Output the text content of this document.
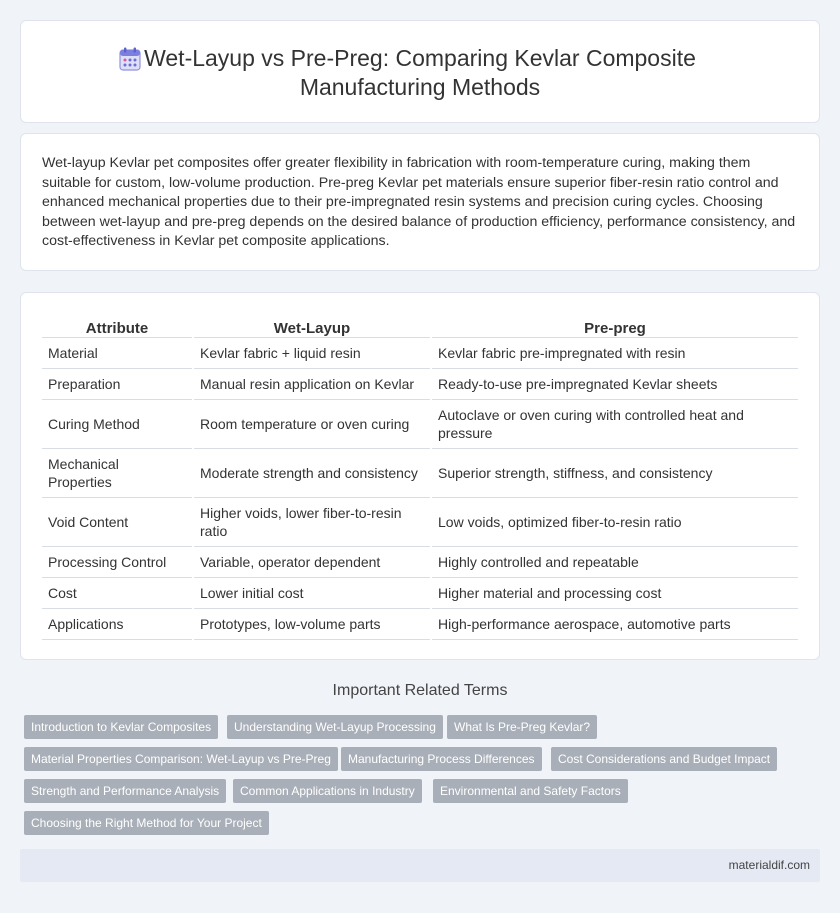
Wet-Layup vs Pre-Preg: Comparing Kevlar Composite Manufacturing Methods

Wet-layup Kevlar pet composites offer greater flexibility in fabrication with room-temperature curing, making them suitable for custom, low-volume production. Pre-preg Kevlar pet materials ensure superior fiber-resin ratio control and enhanced mechanical properties due to their pre-impregnated resin systems and precision curing cycles. Choosing between wet-layup and pre-preg depends on the desired balance of production efficiency, performance consistency, and cost-effectiveness in Kevlar pet composite applications.

Attribute	Wet-Layup	Pre-preg
Material	Kevlar fabric + liquid resin	Kevlar fabric pre-impregnated with resin
Preparation	Manual resin application on Kevlar	Ready-to-use pre-impregnated Kevlar sheets
Curing Method	Room temperature or oven curing	Autoclave or oven curing with controlled heat and pressure
Mechanical Properties	Moderate strength and consistency	Superior strength, stiffness, and consistency
Void Content	Higher voids, lower fiber-to-resin ratio	Low voids, optimized fiber-to-resin ratio
Processing Control	Variable, operator dependent	Highly controlled and repeatable
Cost	Lower initial cost	Higher material and processing cost
Applications	Prototypes, low-volume parts	High-performance aerospace, automotive parts
Important Related Terms
Introduction to Kevlar Composites	Understanding Wet-Layup Processing	What Is Pre-Preg Kevlar?
Material Properties Comparison: Wet-Layup vs Pre-Preg	Manufacturing Process Differences	Cost Considerations and Budget Impact
Strength and Performance Analysis	Common Applications in Industry	Environmental and Safety Factors
Choosing the Right Method for Your Project
materialdif.com
